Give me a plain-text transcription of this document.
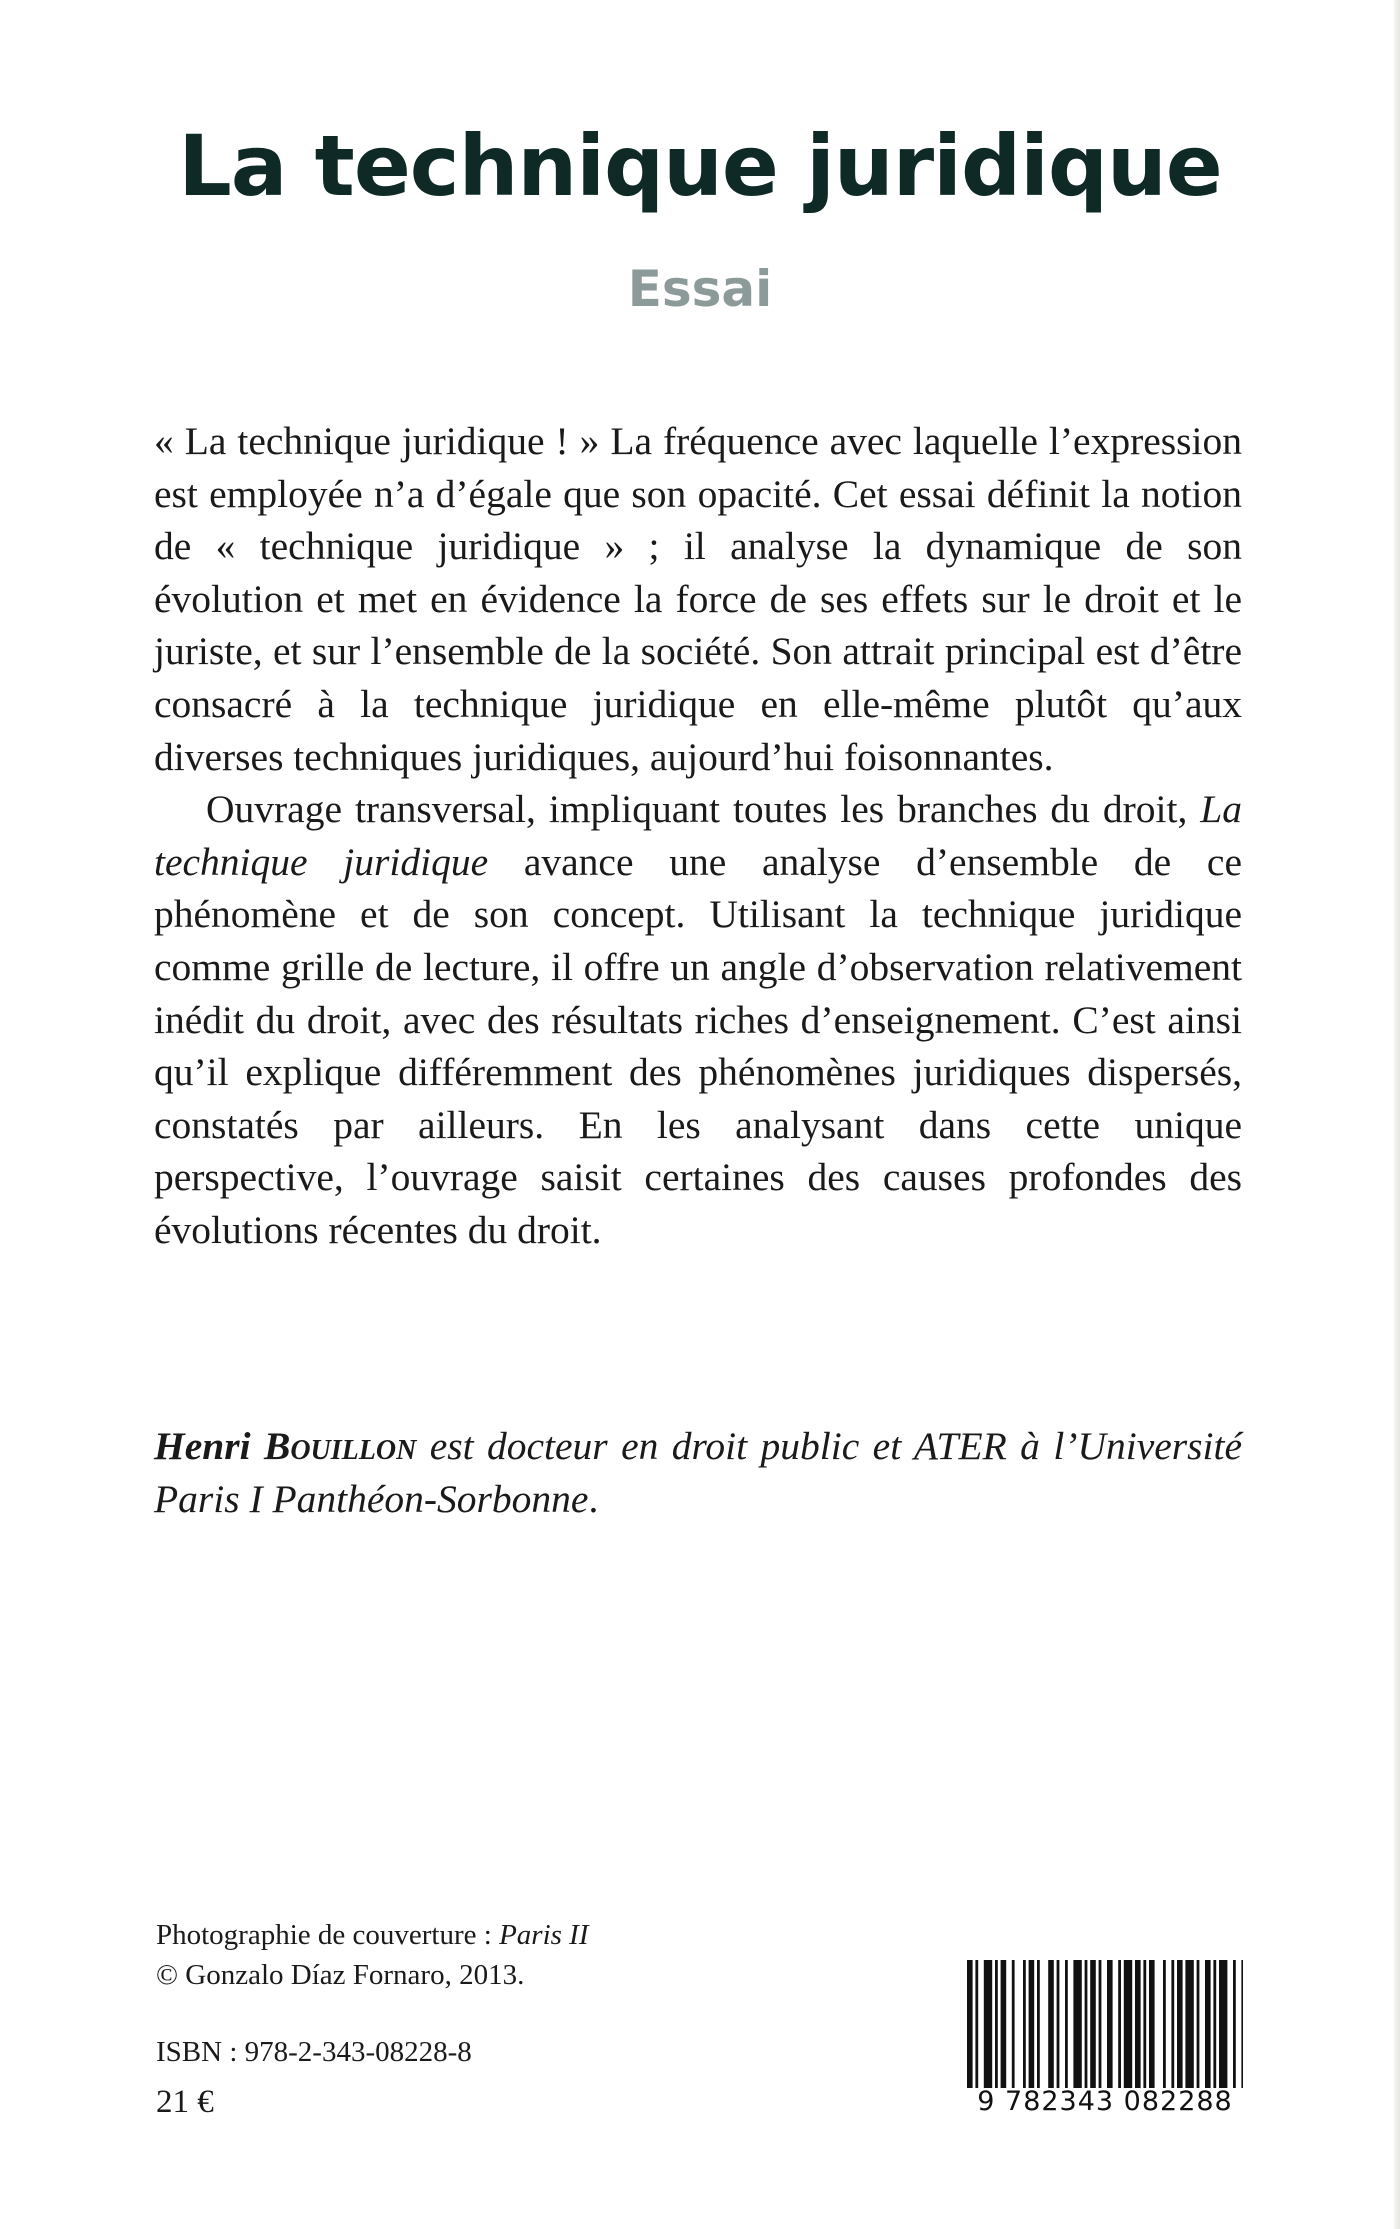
La technique juridique
Essai

« La technique juridique ! » La fréquence avec laquelle l’expression est employée n’a d’égale que son opacité. Cet essai définit la notion de « technique juridique » ; il analyse la dynamique de son évolution et met en évidence la force de ses effets sur le droit et le juriste, et sur l’ensemble de la société. Son attrait principal est d’être consacré à la technique juridique en elle-même plutôt qu’aux diverses techniques juridiques, aujourd’hui foisonnantes.

Ouvrage transversal, impliquant toutes les branches du droit, La technique juridique avance une analyse d’ensemble de ce phénomène et de son concept. Utilisant la technique juridique comme grille de lecture, il offre un angle d’observation relativement inédit du droit, avec des résultats riches d’enseignement. C’est ainsi qu’il explique différemment des phénomènes juridiques dispersés, constatés par ailleurs. En les analysant dans cette unique perspective, l’ouvrage saisit certaines des causes profondes des évolutions récentes du droit.

Henri Bouillon est docteur en droit public et ATER à l’Université Paris I Panthéon-Sorbonne.
Photographie de couverture : Paris II
© Gonzalo Díaz Fornaro, 2013.
ISBN : 978-2-343-08228-8
21 €	9 782343 082288
